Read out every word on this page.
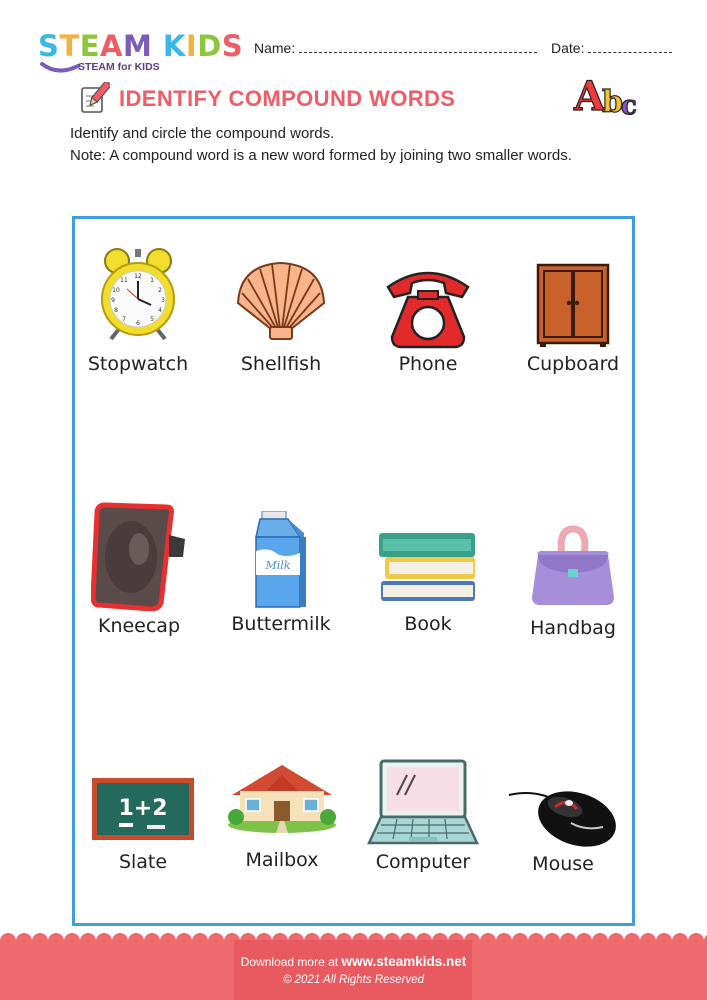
STEAM KIDS
STEAM for KIDS
Name:	Date:
IDENTIFY COMPOUND WORDS	A
b
c
Identify and circle the compound words.
Note: A compound word is a new word formed by joining two smaller words.
12
1
2
3
4
5
6
7
8
9
10
11
Stopwatch	Shellfish	Phone	Cupboard
Kneecap
Milk
Buttermilk	Book	Handbag
1+2
Slate	Mailbox	Computer	Mouse
Download more at www.steamkids.net
© 2021 All Rights Reserved
